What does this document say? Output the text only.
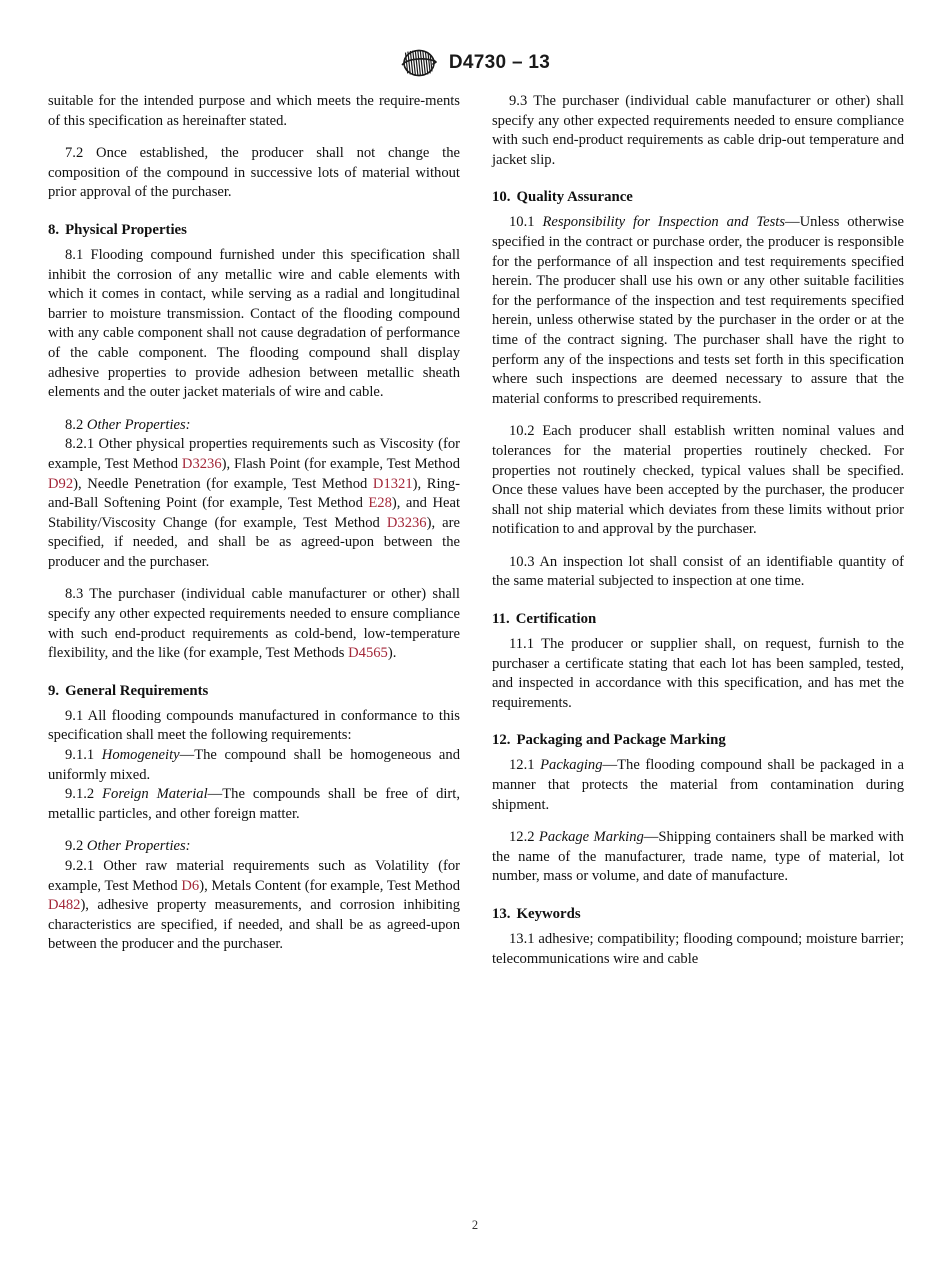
D4730 – 13

suitable for the intended purpose and which meets the require-ments of this specification as hereinafter stated.

7.2 Once established, the producer shall not change the composition of the compound in successive lots of material without prior approval of the purchaser.

8. Physical Properties

8.1 Flooding compound furnished under this specification shall inhibit the corrosion of any metallic wire and cable elements with which it comes in contact, while serving as a radial and longitudinal barrier to moisture transmission. Contact of the flooding compound with any cable component shall not cause degradation of performance of the cable component. The flooding compound shall display adhesive properties to provide adhesion between metallic sheath elements and the outer jacket materials of wire and cable.

8.2 Other Properties:

8.2.1 Other physical properties requirements such as Viscosity (for example, Test Method D3236), Flash Point (for example, Test Method D92), Needle Penetration (for example, Test Method D1321), Ring-and-Ball Softening Point (for example, Test Method E28), and Heat Stability/Viscosity Change (for example, Test Method D3236), are specified, if needed, and shall be as agreed-upon between the producer and the purchaser.

8.3 The purchaser (individual cable manufacturer or other) shall specify any other expected requirements needed to ensure compliance with such end-product requirements as cold-bend, low-temperature flexibility, and the like (for example, Test Methods D4565).

9. General Requirements

9.1 All flooding compounds manufactured in conformance to this specification shall meet the following requirements:

9.1.1 Homogeneity—The compound shall be homogeneous and uniformly mixed.

9.1.2 Foreign Material—The compounds shall be free of dirt, metallic particles, and other foreign matter.

9.2 Other Properties:

9.2.1 Other raw material requirements such as Volatility (for example, Test Method D6), Metals Content (for example, Test Method D482), adhesive property measurements, and corrosion inhibiting characteristics are specified, if needed, and shall be as agreed-upon between the producer and the purchaser.

9.3 The purchaser (individual cable manufacturer or other) shall specify any other expected requirements needed to ensure compliance with such end-product requirements as cable drip-out temperature and jacket slip.

10. Quality Assurance

10.1 Responsibility for Inspection and Tests—Unless otherwise specified in the contract or purchase order, the producer is responsible for the performance of all inspection and test requirements specified herein. The producer shall use his own or any other suitable facilities for the performance of the inspection and test requirements specified herein, unless otherwise stated by the purchaser in the order or at the time of the contract signing. The purchaser shall have the right to perform any of the inspections and tests set forth in this specification where such inspections are deemed necessary to assure that the material conforms to prescribed requirements.

10.2 Each producer shall establish written nominal values and tolerances for the material properties routinely checked. For properties not routinely checked, typical values shall be specified. Once these values have been accepted by the purchaser, the producer shall not ship material which deviates from these limits without prior notification to and approval by the purchaser.

10.3 An inspection lot shall consist of an identifiable quantity of the same material subjected to inspection at one time.

11. Certification

11.1 The producer or supplier shall, on request, furnish to the purchaser a certificate stating that each lot has been sampled, tested, and inspected in accordance with this specification, and has met the requirements.

12. Packaging and Package Marking

12.1 Packaging—The flooding compound shall be packaged in a manner that protects the material from contamination during shipment.

12.2 Package Marking—Shipping containers shall be marked with the name of the manufacturer, trade name, type of material, lot number, mass or volume, and date of manufacture.

13. Keywords

13.1 adhesive; compatibility; flooding compound; moisture barrier; telecommunications wire and cable

2
